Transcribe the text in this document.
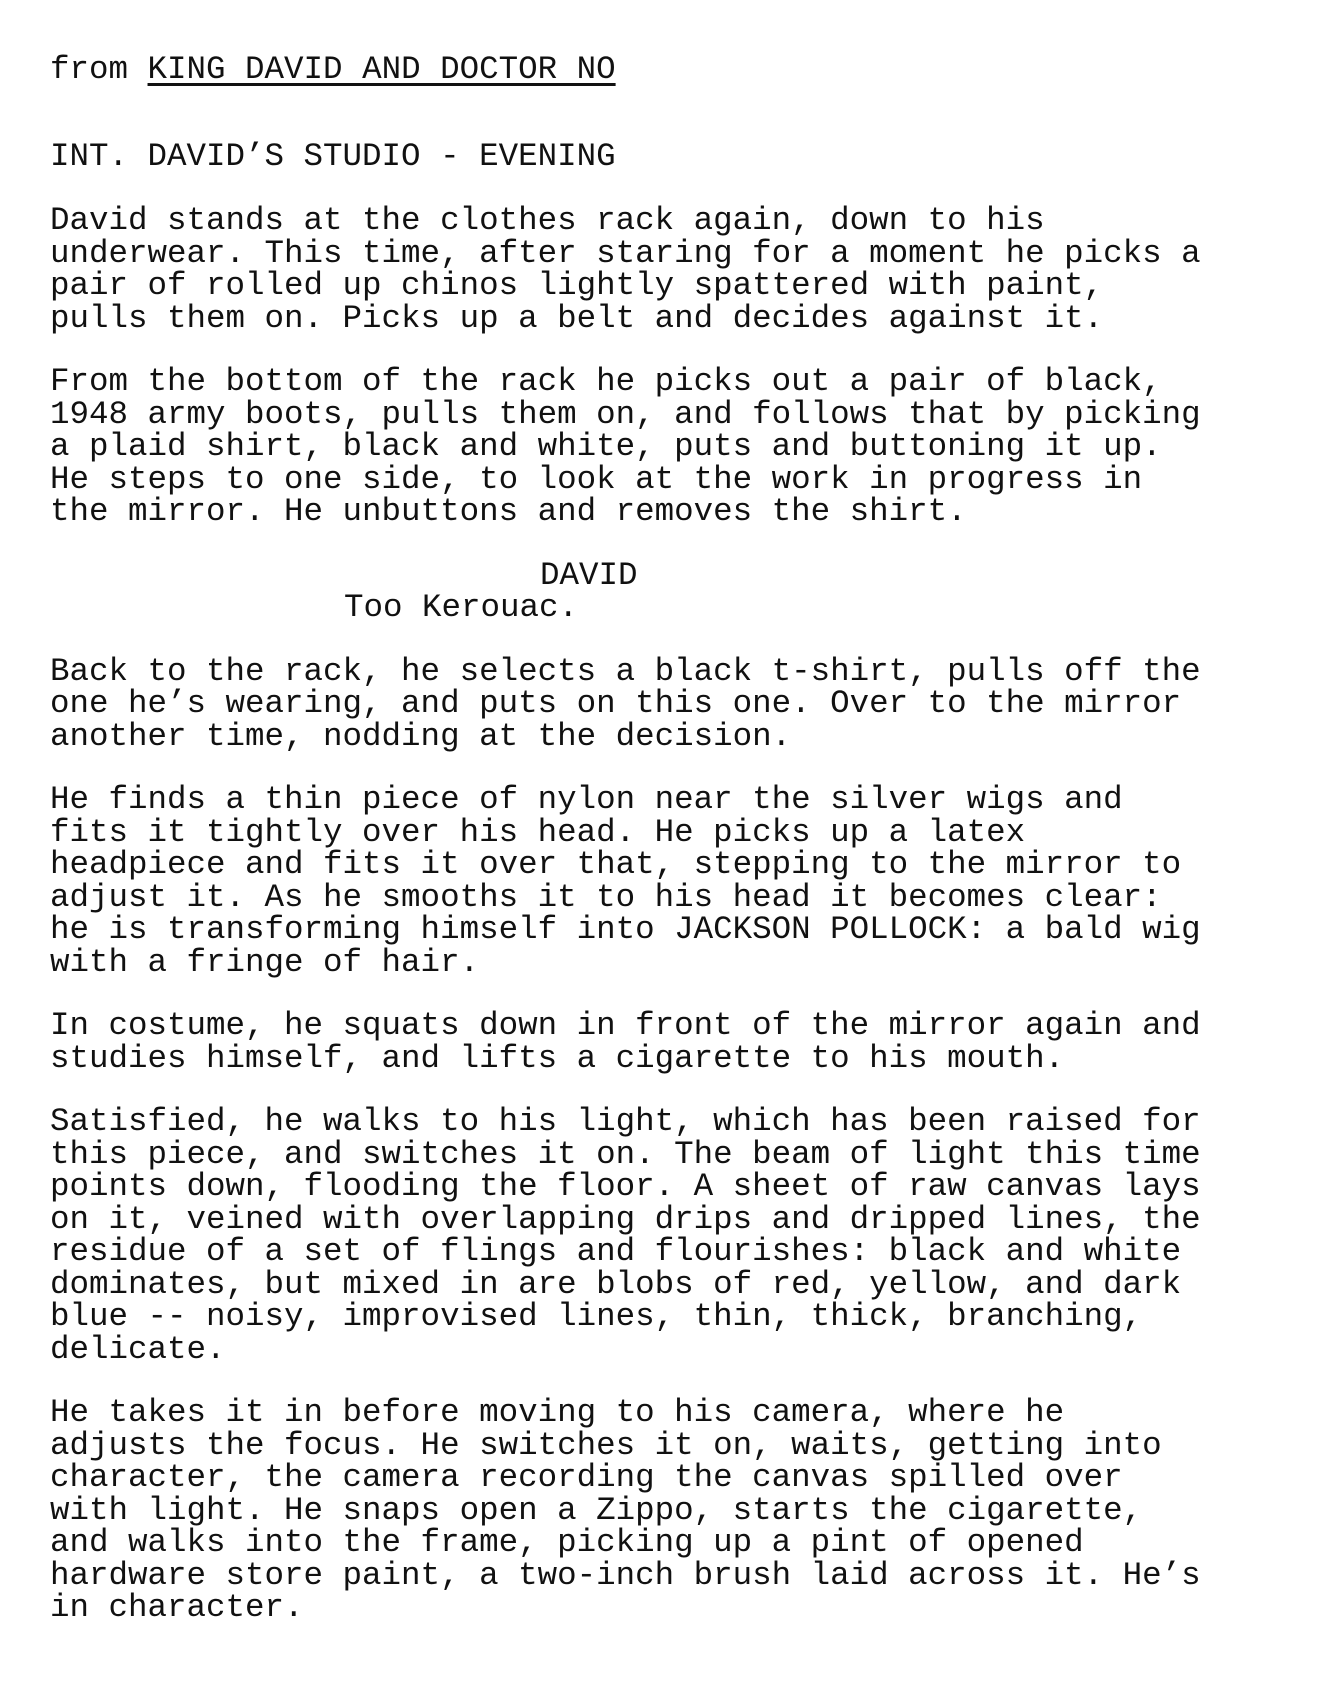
from KING DAVID AND DOCTOR NO
INT. DAVID’S STUDIO - EVENING
David stands at the clothes rack again, down to his
underwear. This time, after staring for a moment he picks a
pair of rolled up chinos lightly spattered with paint,
pulls them on. Picks up a belt and decides against it.
From the bottom of the rack he picks out a pair of black,
1948 army boots, pulls them on, and follows that by picking
a plaid shirt, black and white, puts and buttoning it up.
He steps to one side, to look at the work in progress in
the mirror. He unbuttons and removes the shirt.
DAVID
Too Kerouac.
Back to the rack, he selects a black t-shirt, pulls off the
one he’s wearing, and puts on this one. Over to the mirror
another time, nodding at the decision.
He finds a thin piece of nylon near the silver wigs and
fits it tightly over his head. He picks up a latex
headpiece and fits it over that, stepping to the mirror to
adjust it. As he smooths it to his head it becomes clear:
he is transforming himself into JACKSON POLLOCK: a bald wig
with a fringe of hair.
In costume, he squats down in front of the mirror again and
studies himself, and lifts a cigarette to his mouth.
Satisfied, he walks to his light, which has been raised for
this piece, and switches it on. The beam of light this time
points down, flooding the floor. A sheet of raw canvas lays
on it, veined with overlapping drips and dripped lines, the
residue of a set of flings and flourishes: black and white
dominates, but mixed in are blobs of red, yellow, and dark
blue -- noisy, improvised lines, thin, thick, branching,
delicate.
He takes it in before moving to his camera, where he
adjusts the focus. He switches it on, waits, getting into
character, the camera recording the canvas spilled over
with light. He snaps open a Zippo, starts the cigarette,
and walks into the frame, picking up a pint of opened
hardware store paint, a two-inch brush laid across it. He’s
in character.
